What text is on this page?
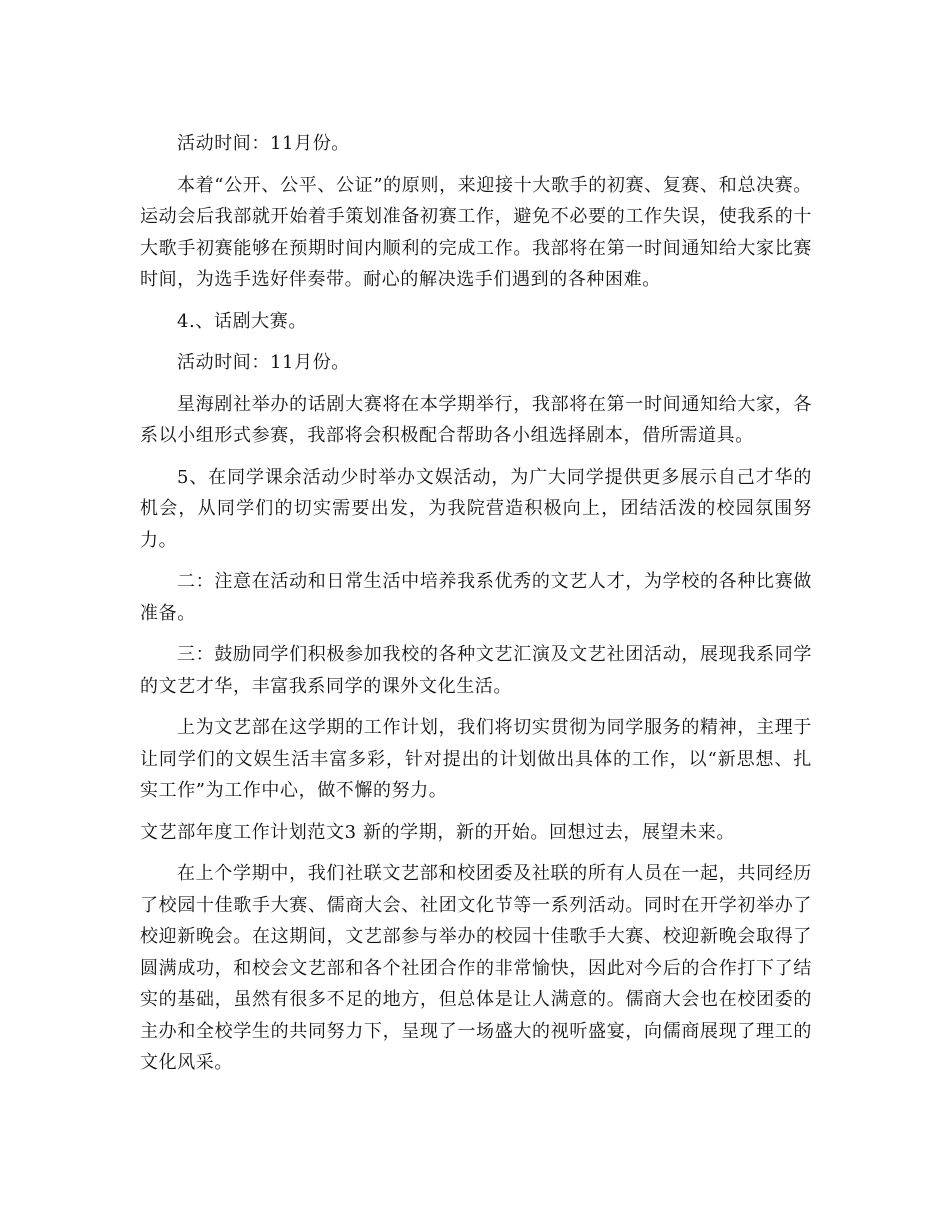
活动时间：11月份。

本着“公开、公平、公证”的原则，来迎接十大歌手的初赛、复赛、和总决赛。运动会后我部就开始着手策划准备初赛工作，避免不必要的工作失误，使我系的十大歌手初赛能够在预期时间内顺利的完成工作。我部将在第一时间通知给大家比赛时间，为选手选好伴奏带。耐心的解决选手们遇到的各种困难。

4.、话剧大赛。

活动时间：11月份。

星海剧社举办的话剧大赛将在本学期举行，我部将在第一时间通知给大家，各系以小组形式参赛，我部将会积极配合帮助各小组选择剧本，借所需道具。

5、在同学课余活动少时举办文娱活动，为广大同学提供更多展示自己才华的机会，从同学们的切实需要出发，为我院营造积极向上，团结活泼的校园氛围努力。

二：注意在活动和日常生活中培养我系优秀的文艺人才，为学校的各种比赛做准备。

三：鼓励同学们积极参加我校的各种文艺汇演及文艺社团活动，展现我系同学的文艺才华，丰富我系同学的课外文化生活。

上为文艺部在这学期的工作计划，我们将切实贯彻为同学服务的精神，主理于让同学们的文娱生活丰富多彩，针对提出的计划做出具体的工作，以“新思想、扎实工作”为工作中心，做不懈的努力。

文艺部年度工作计划范文3 新的学期，新的开始。回想过去，展望未来。

在上个学期中，我们社联文艺部和校团委及社联的所有人员在一起，共同经历了校园十佳歌手大赛、儒商大会、社团文化节等一系列活动。同时在开学初举办了校迎新晚会。在这期间，文艺部参与举办的校园十佳歌手大赛、校迎新晚会取得了圆满成功，和校会文艺部和各个社团合作的非常愉快，因此对今后的合作打下了结实的基础，虽然有很多不足的地方，但总体是让人满意的。儒商大会也在校团委的主办和全校学生的共同努力下，呈现了一场盛大的视听盛宴，向儒商展现了理工的文化风采。
